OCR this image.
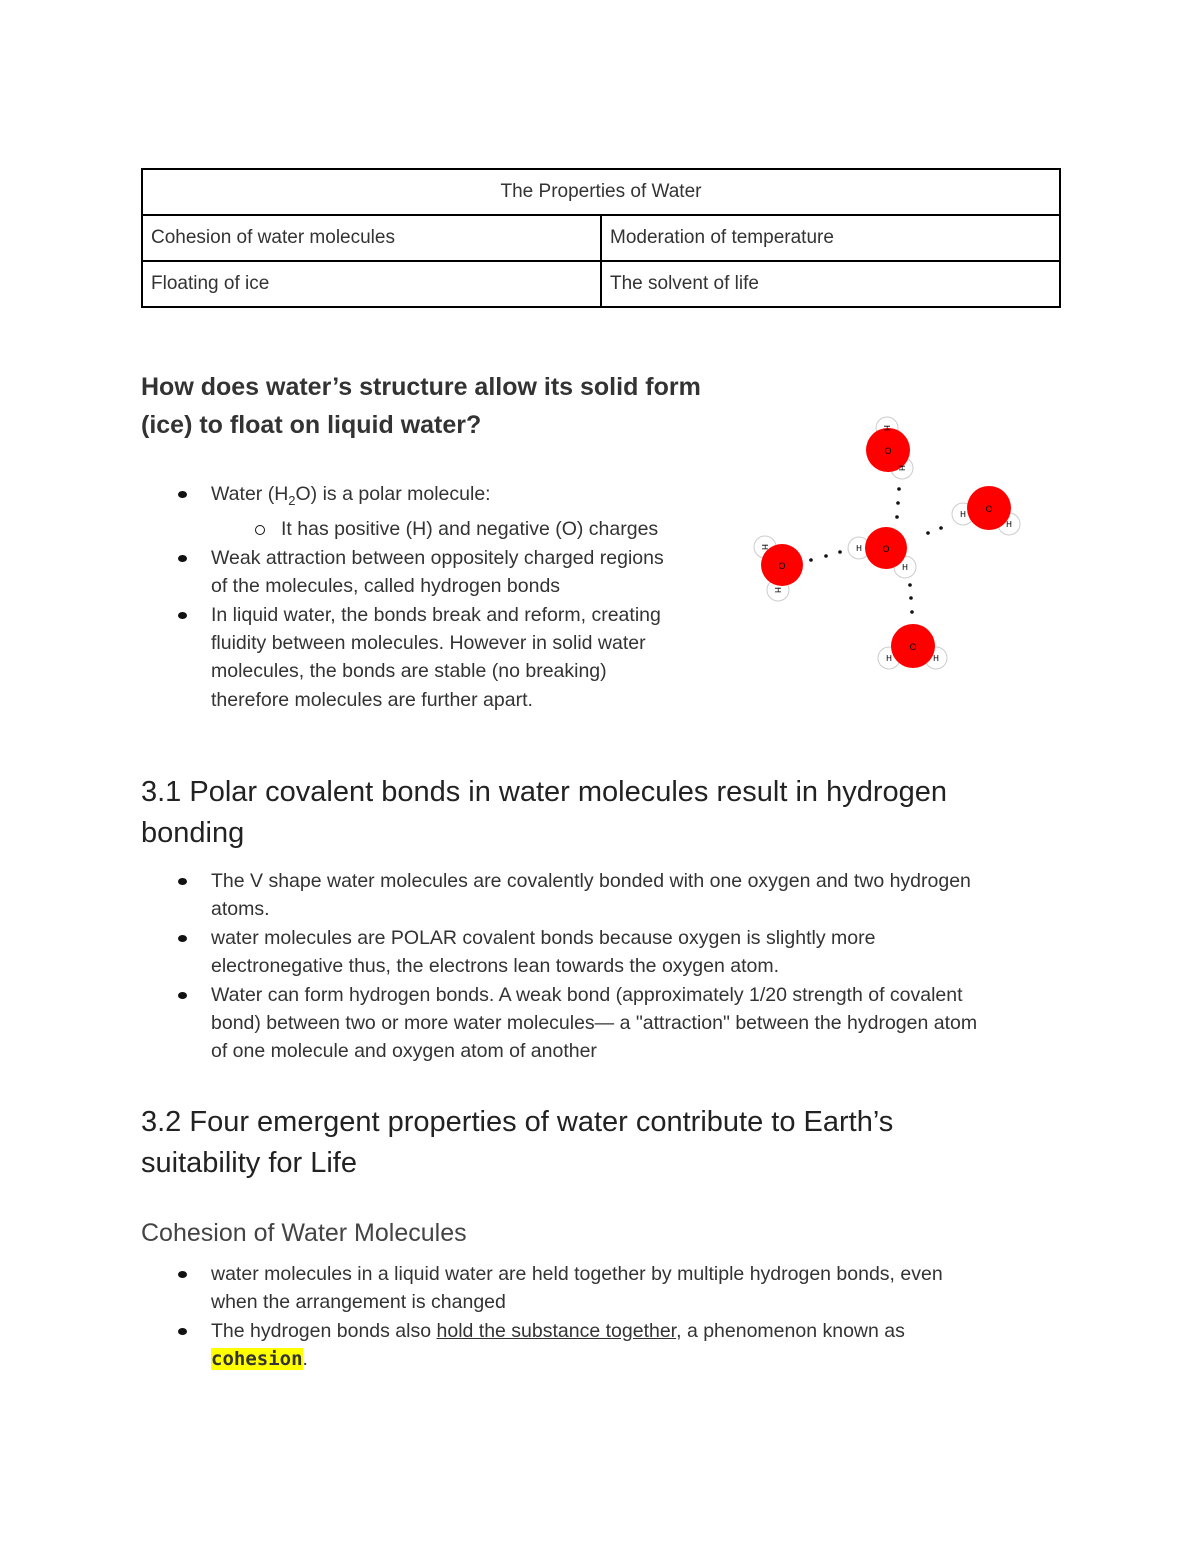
The Properties of Water	
Cohesion of water molecules	Moderation of temperature
Floating of ice	The solvent of life
How does water’s structure allow its solid form
(ice) to float on liquid water?
Water $(H_2O)$ is a polar molecule:
It has positive (H) and negative (O) charges
Weak attraction between oppositely charged regions
of the molecules, called hydrogen bonds
In liquid water, the bonds break and reform, creating
fluidity between molecules. However in solid water
molecules, the bonds are stable (no breaking)
therefore molecules are further apart.
O
H
H
O
H
H
O
H
H
O
H
H
O
H	H
3.1 Polar covalent bonds in water molecules result in hydrogen
bonding
The V shape water molecules are covalently bonded with one oxygen and two hydrogen
atoms.
water molecules are POLAR covalent bonds because oxygen is slightly more
electronegative thus, the electrons lean towards the oxygen atom.
Water can form hydrogen bonds. A weak bond (approximately 1/20 strength of covalent
bond) between two or more water molecules— a "attraction" between the hydrogen atom
of one molecule and oxygen atom of another
3.2 Four emergent properties of water contribute to Earth’s
suitability for Life
Cohesion of Water Molecules
water molecules in a liquid water are held together by multiple hydrogen bonds, even
when the arrangement is changed
The hydrogen bonds also hold the substance together, a phenomenon known as
cohesion.
